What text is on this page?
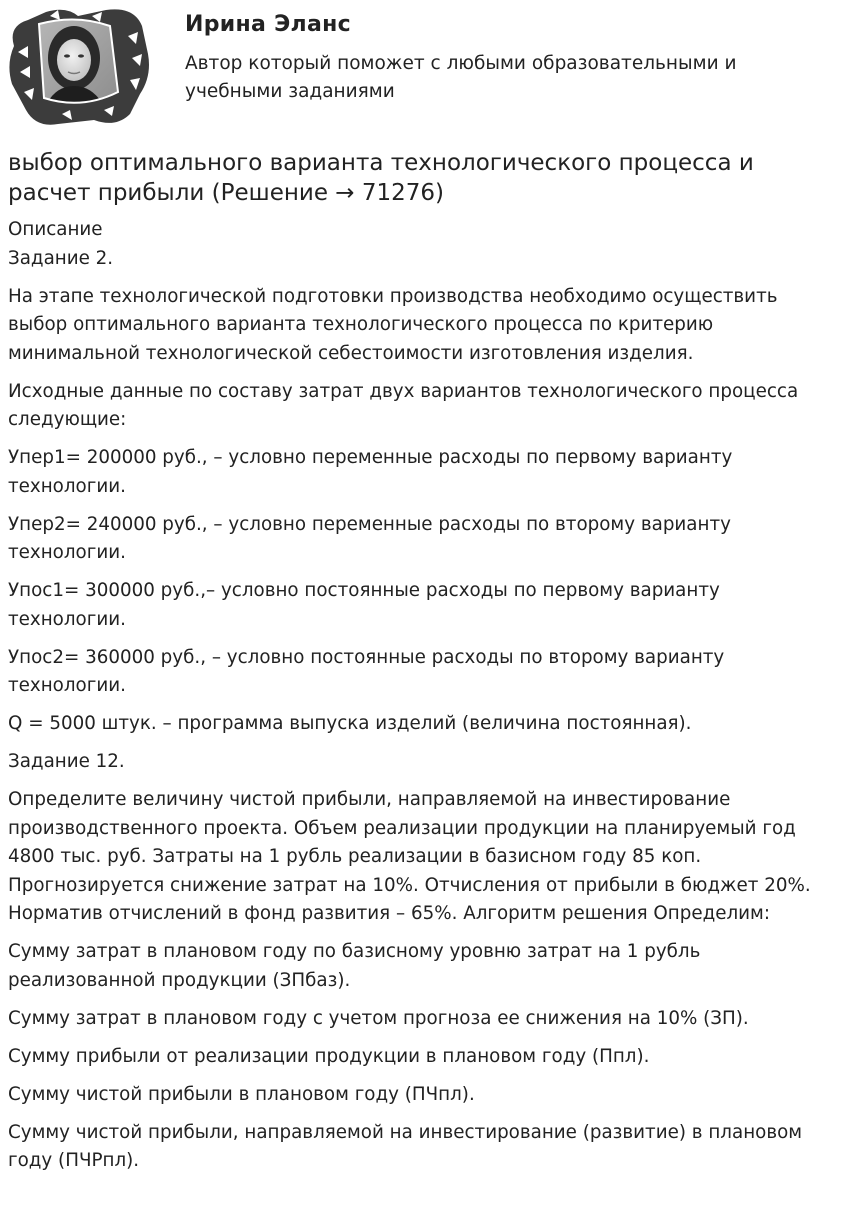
Ирина Эланс

Автор который поможет с любыми образовательными и учебными заданиями

выбор оптимального варианта технологического процесса и расчет прибыли (Решение → 71276)

Описание

Задание 2.

На этапе технологической подготовки производства необходимо осуществить выбор оптимального варианта технологического процесса по критерию минимальной технологической себестоимости изготовления изделия.

Исходные данные по составу затрат двух вариантов технологического процесса следующие:

Упер1= 200000 руб., – условно переменные расходы по первому варианту технологии.

Упер2= 240000 руб., – условно переменные расходы по второму варианту технологии.

Упос1= 300000 руб.,– условно постоянные расходы по первому варианту технологии.

Упос2= 360000 руб., – условно постоянные расходы по второму варианту технологии.

Q = 5000 штук. – программа выпуска изделий (величина постоянная).

Задание 12.

Определите величину чистой прибыли, направляемой на инвестирование производственного проекта. Объем реализации продукции на планируемый год 4800 тыс. руб. Затраты на 1 рубль реализации в базисном году 85 коп. Прогнозируется снижение затрат на 10%. Отчисления от прибыли в бюджет 20%. Норматив отчислений в фонд развития – 65%. Алгоритм решения Определим:

Сумму затрат в плановом году по базисному уровню затрат на 1 рубль реализованной продукции (ЗПбаз).

Сумму затрат в плановом году с учетом прогноза ее снижения на 10% (ЗП).

Сумму прибыли от реализации продукции в плановом году (Ппл).

Сумму чистой прибыли в плановом году (ПЧпл).

Сумму чистой прибыли, направляемой на инвестирование (развитие) в плановом году (ПЧРпл).
